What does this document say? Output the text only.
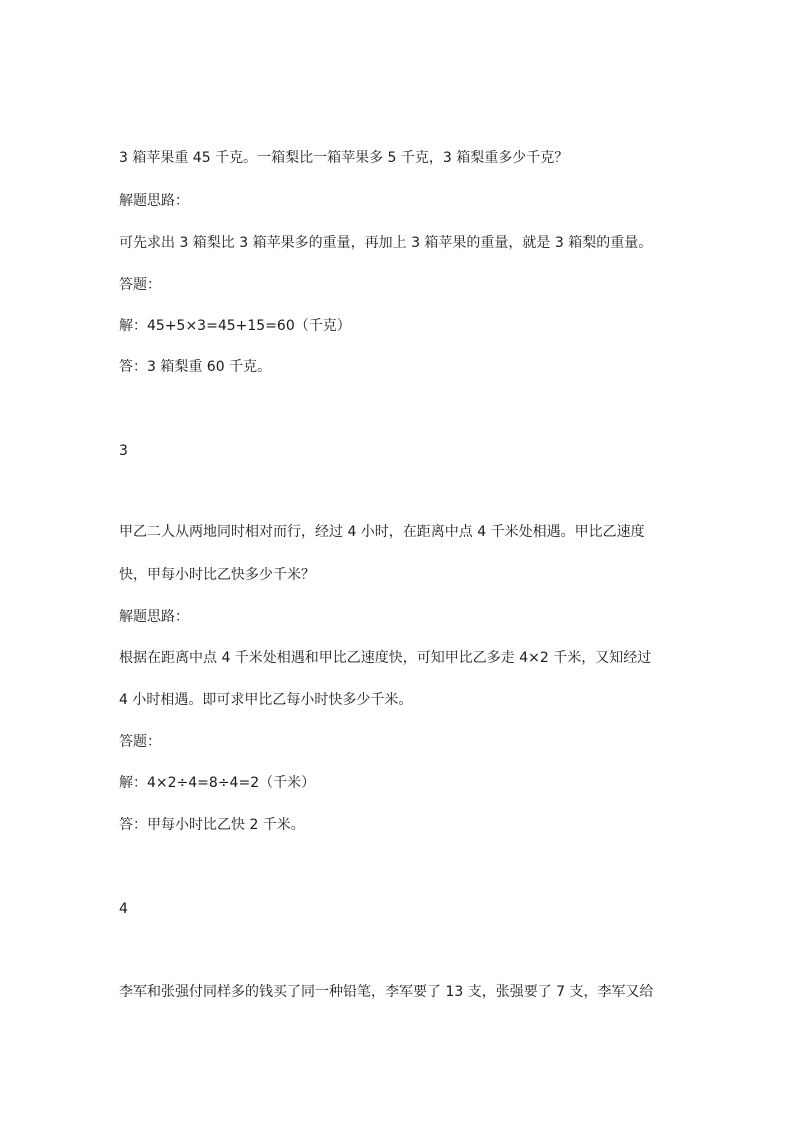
3 箱苹果重 45 千克。一箱梨比一箱苹果多 5 千克，3 箱梨重多少千克？

解题思路：

可先求出 3 箱梨比 3 箱苹果多的重量，再加上 3 箱苹果的重量，就是 3 箱梨的重量。

答题：

解：45+5×3=45+15=60（千克）

答：3 箱梨重 60 千克。

3

甲乙二人从两地同时相对而行，经过 4 小时，在距离中点 4 千米处相遇。甲比乙速度

快，甲每小时比乙快多少千米？

解题思路：

根据在距离中点 4 千米处相遇和甲比乙速度快，可知甲比乙多走 4×2 千米，又知经过

4 小时相遇。即可求甲比乙每小时快多少千米。

答题：

解：4×2÷4=8÷4=2（千米）

答：甲每小时比乙快 2 千米。

4

李军和张强付同样多的钱买了同一种铅笔，李军要了 13 支，张强要了 7 支，李军又给
